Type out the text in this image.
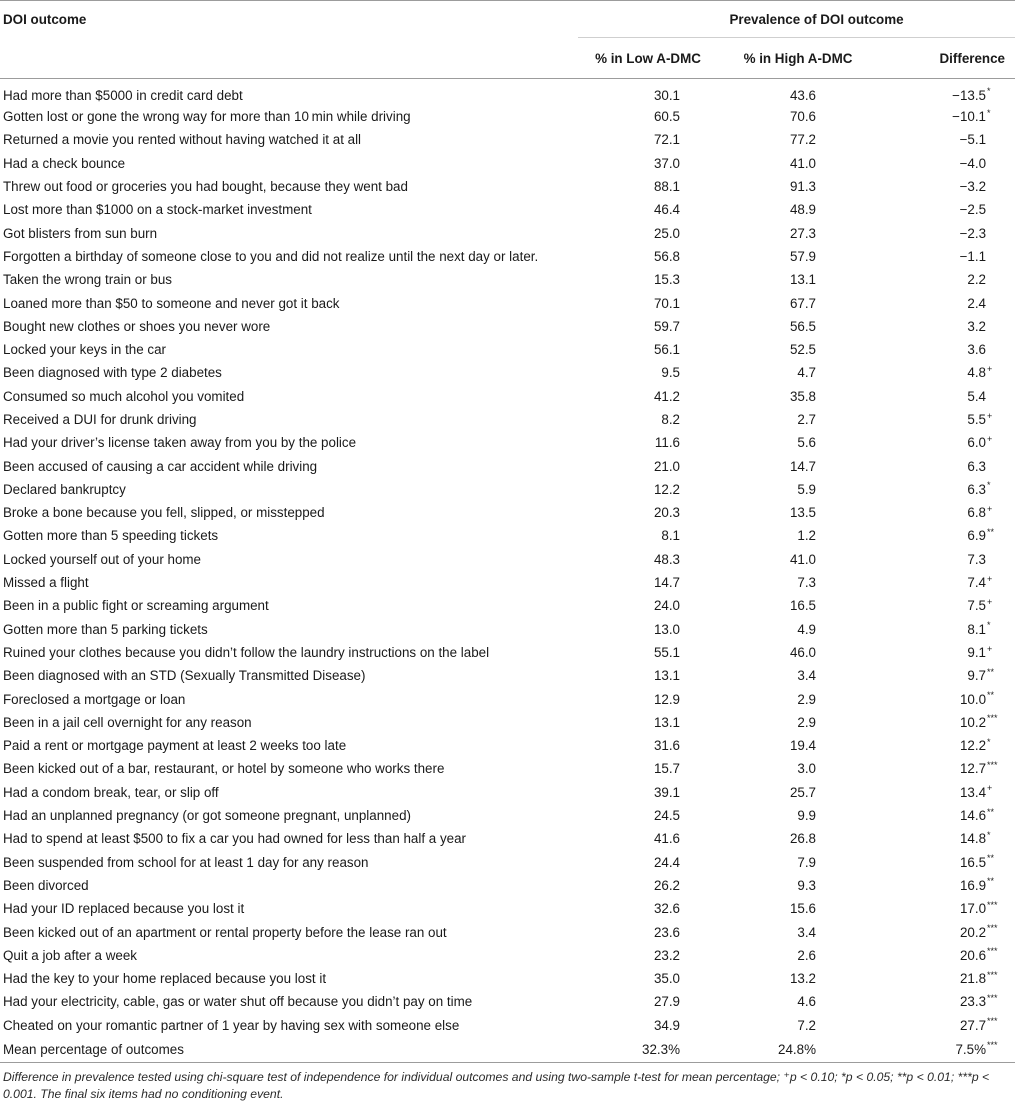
DOI outcome	Prevalence of DOI outcome		
	% in Low A-DMC	% in High A-DMC	Difference
Had more than $5000 in credit card debt	30.1	43.6	−13.5*
Gotten lost or gone the wrong way for more than 10 min while driving	60.5	70.6	−10.1*
Returned a movie you rented without having watched it at all	72.1	77.2	−5.1
Had a check bounce	37.0	41.0	−4.0
Threw out food or groceries you had bought, because they went bad	88.1	91.3	−3.2
Lost more than $1000 on a stock-market investment	46.4	48.9	−2.5
Got blisters from sun burn	25.0	27.3	−2.3
Forgotten a birthday of someone close to you and did not realize until the next day or later.	56.8	57.9	−1.1
Taken the wrong train or bus	15.3	13.1	2.2
Loaned more than $50 to someone and never got it back	70.1	67.7	2.4
Bought new clothes or shoes you never wore	59.7	56.5	3.2
Locked your keys in the car	56.1	52.5	3.6
Been diagnosed with type 2 diabetes	9.5	4.7	4.8+
Consumed so much alcohol you vomited	41.2	35.8	5.4
Received a DUI for drunk driving	8.2	2.7	5.5+
Had your driver’s license taken away from you by the police	11.6	5.6	6.0+
Been accused of causing a car accident while driving	21.0	14.7	6.3
Declared bankruptcy	12.2	5.9	6.3*
Broke a bone because you fell, slipped, or misstepped	20.3	13.5	6.8+
Gotten more than 5 speeding tickets	8.1	1.2	6.9**
Locked yourself out of your home	48.3	41.0	7.3
Missed a flight	14.7	7.3	7.4+
Been in a public fight or screaming argument	24.0	16.5	7.5+
Gotten more than 5 parking tickets	13.0	4.9	8.1*
Ruined your clothes because you didn’t follow the laundry instructions on the label	55.1	46.0	9.1+
Been diagnosed with an STD (Sexually Transmitted Disease)	13.1	3.4	9.7**
Foreclosed a mortgage or loan	12.9	2.9	10.0**
Been in a jail cell overnight for any reason	13.1	2.9	10.2***
Paid a rent or mortgage payment at least 2 weeks too late	31.6	19.4	12.2*
Been kicked out of a bar, restaurant, or hotel by someone who works there	15.7	3.0	12.7***
Had a condom break, tear, or slip off	39.1	25.7	13.4+
Had an unplanned pregnancy (or got someone pregnant, unplanned)	24.5	9.9	14.6**
Had to spend at least $500 to fix a car you had owned for less than half a year	41.6	26.8	14.8*
Been suspended from school for at least 1 day for any reason	24.4	7.9	16.5**
Been divorced	26.2	9.3	16.9**
Had your ID replaced because you lost it	32.6	15.6	17.0***
Been kicked out of an apartment or rental property before the lease ran out	23.6	3.4	20.2***
Quit a job after a week	23.2	2.6	20.6***
Had the key to your home replaced because you lost it	35.0	13.2	21.8***
Had your electricity, cable, gas or water shut off because you didn’t pay on time	27.9	4.6	23.3***
Cheated on your romantic partner of 1 year by having sex with someone else	34.9	7.2	27.7***
Mean percentage of outcomes	32.3%	24.8%	7.5%***

Difference in prevalence tested using chi-square test of independence for individual outcomes and using two-sample t-test for mean percentage; ⁺p < 0.10; *p < 0.05; **p < 0.01; ***p < 0.001. The final six items had no conditioning event.
